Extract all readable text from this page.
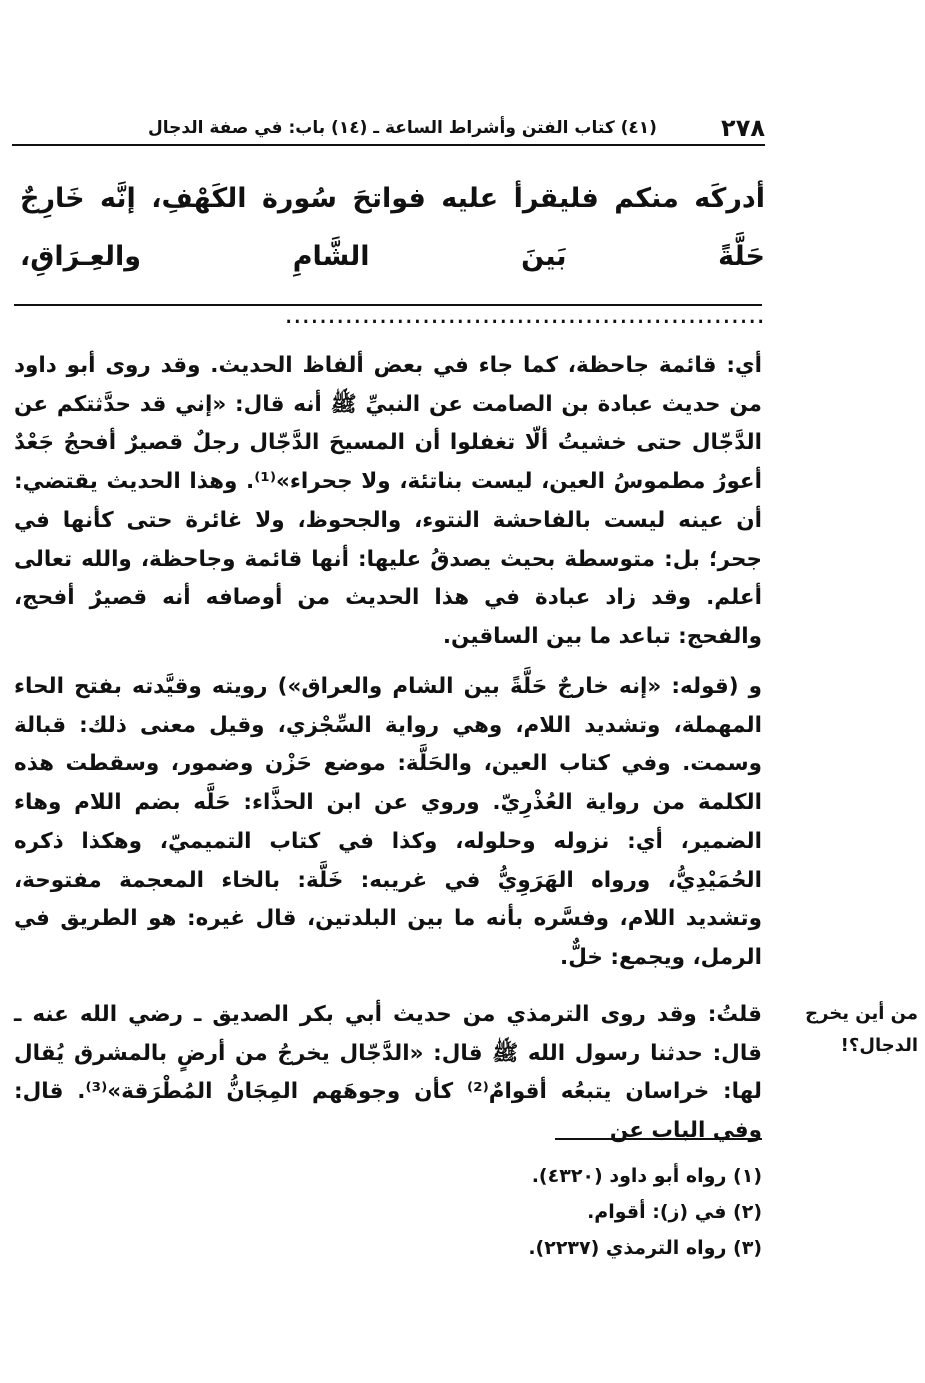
٢٧٨
(٤١) كتاب الفتن وأشراط الساعة ـ (١٤) باب: في صفة الدجال
أدركَه منكم فليقرأ عليه فواتحَ سُورة الكَهْفِ، إنَّه خَارِجٌ حَلَّةً بَينَ الشَّامِ والعِـرَاقِ، ........................................................
أي: قائمة جاحظة، كما جاء في بعض ألفاظ الحديث. وقد روى أبو داود من حديث عبادة بن الصامت عن النبيِّ ﷺ أنه قال: «إني قد حدَّثتكم عن الدَّجّال حتى خشيتُ ألّا تغفلوا أن المسيحَ الدَّجّال رجلٌ قصيرٌ أفحجُ جَعْدٌ أعورُ مطموسُ العين، ليست بناتئة، ولا جحراء»⁽¹⁾. وهذا الحديث يقتضي: أن عينه ليست بالفاحشة النتوء، والجحوظ، ولا غائرة حتى كأنها في جحر؛ بل: متوسطة بحيث يصدقُ عليها: أنها قائمة وجاحظة، والله تعالى أعلم. وقد زاد عبادة في هذا الحديث من أوصافه أنه قصيرٌ أفحج، والفحج: تباعد ما بين الساقين.
و (قوله: «إنه خارجٌ حَلَّةً بين الشام والعراق») رويته وقيَّدته بفتح الحاء المهملة، وتشديد اللام، وهي رواية السِّجْزي، وقيل معنى ذلك: قبالة وسمت. وفي كتاب العين، والحَلَّة: موضع حَزْن وضمور، وسقطت هذه الكلمة من رواية العُذْرِيّ. وروي عن ابن الحذَّاء: حَلَّه بضم اللام وهاء الضمير، أي: نزوله وحلوله، وكذا في كتاب التميميّ، وهكذا ذكره الحُمَيْدِيُّ، ورواه الهَرَوِيُّ في غريبه: خَلَّة: بالخاء المعجمة مفتوحة، وتشديد اللام، وفسَّره بأنه ما بين البلدتين، قال غيره: هو الطريق في الرمل، ويجمع: خلٌّ.
قلتُ: وقد روى الترمذي من حديث أبي بكر الصديق ـ رضي الله عنه ـ قال: حدثنا رسول الله ﷺ قال: «الدَّجّال يخرجُ من أرضٍ بالمشرق يُقال لها: خراسان يتبعُه أقوامٌ⁽²⁾ كأن وجوهَهم المِجَانُّ المُطْرَقة»⁽³⁾. قال: وفي الباب عن
من أين يخرج
الدجال؟!
(١) رواه أبو داود (٤٣٢٠).
(٢) في (ز): أقوام.
(٣) رواه الترمذي (٢٢٣٧).
